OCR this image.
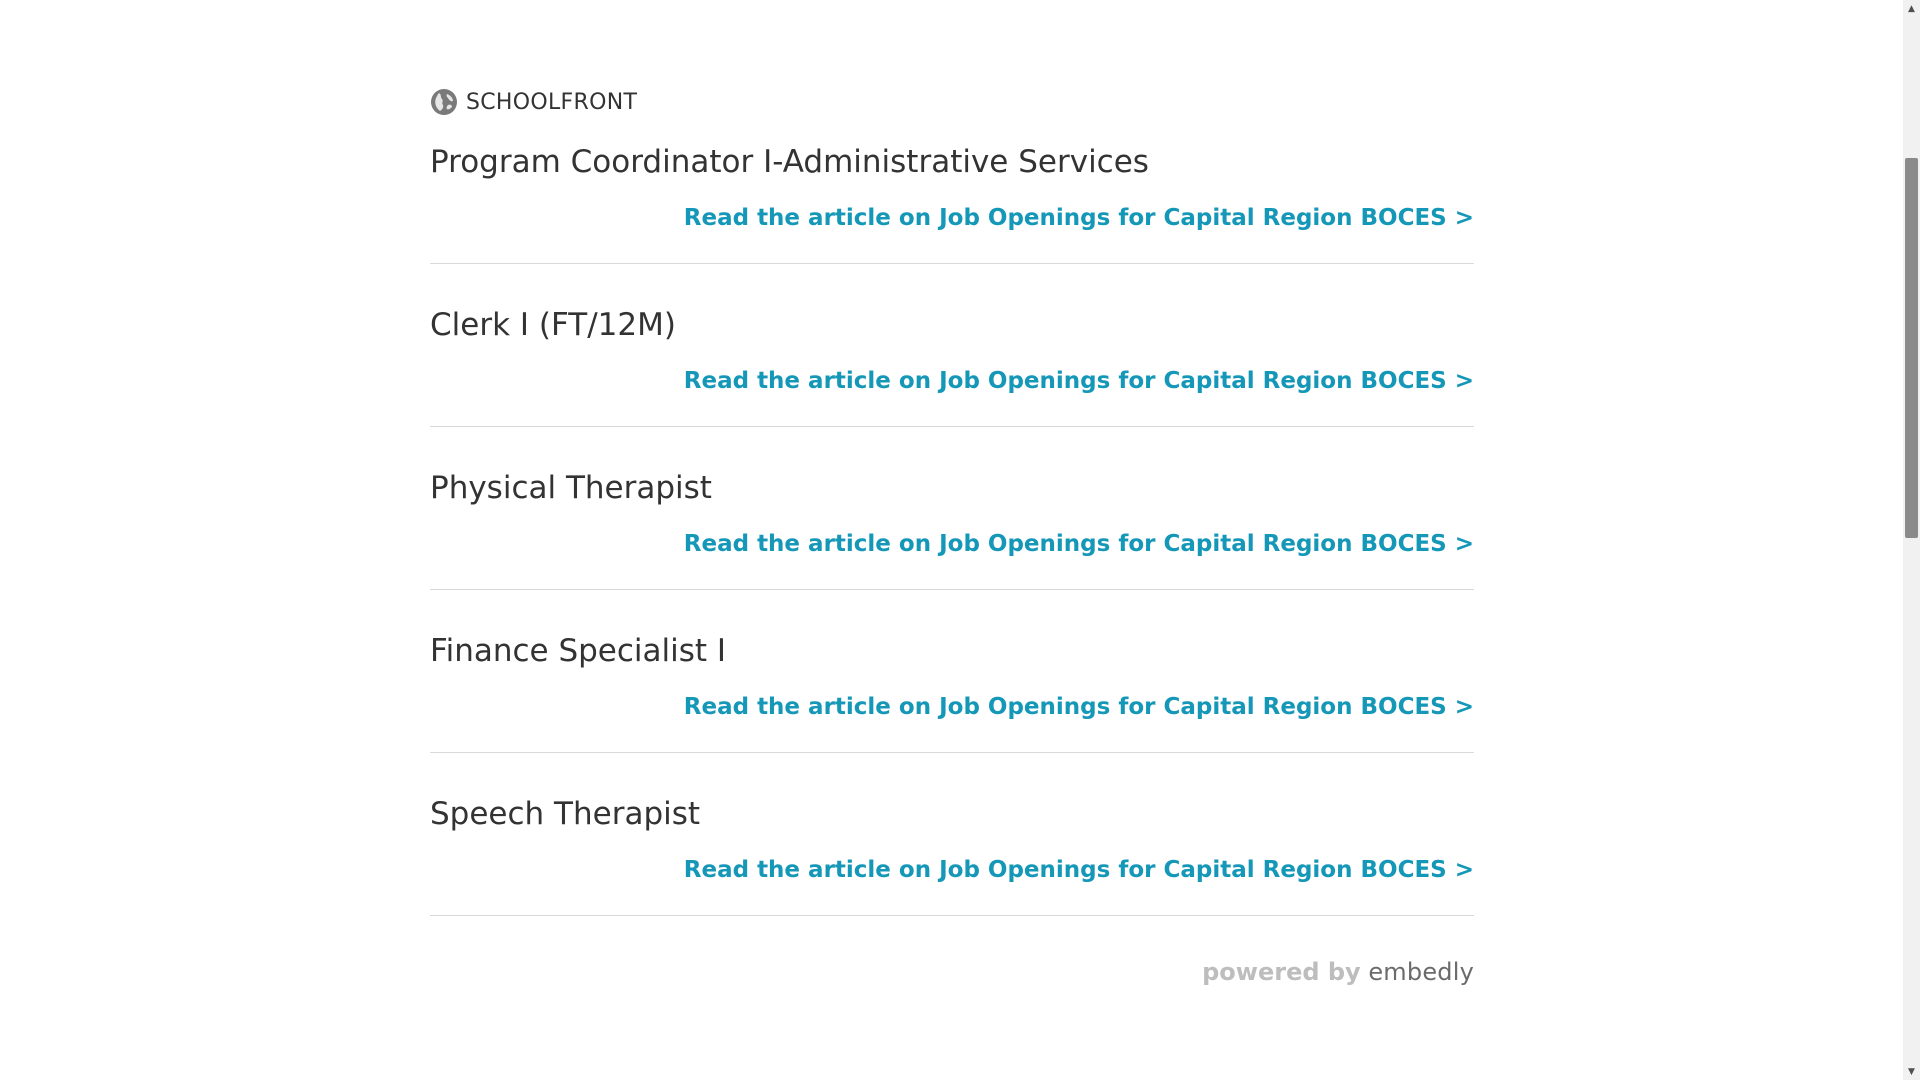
SCHOOLFRONT
Program Coordinator I-Administrative Services
Read the article on Job Openings for Capital Region BOCES >
Clerk I (FT/12M)
Read the article on Job Openings for Capital Region BOCES >
Physical Therapist
Read the article on Job Openings for Capital Region BOCES >
Finance Specialist I
Read the article on Job Openings for Capital Region BOCES >
Speech Therapist
Read the article on Job Openings for Capital Region BOCES >
powered by embedly
▲
▼
